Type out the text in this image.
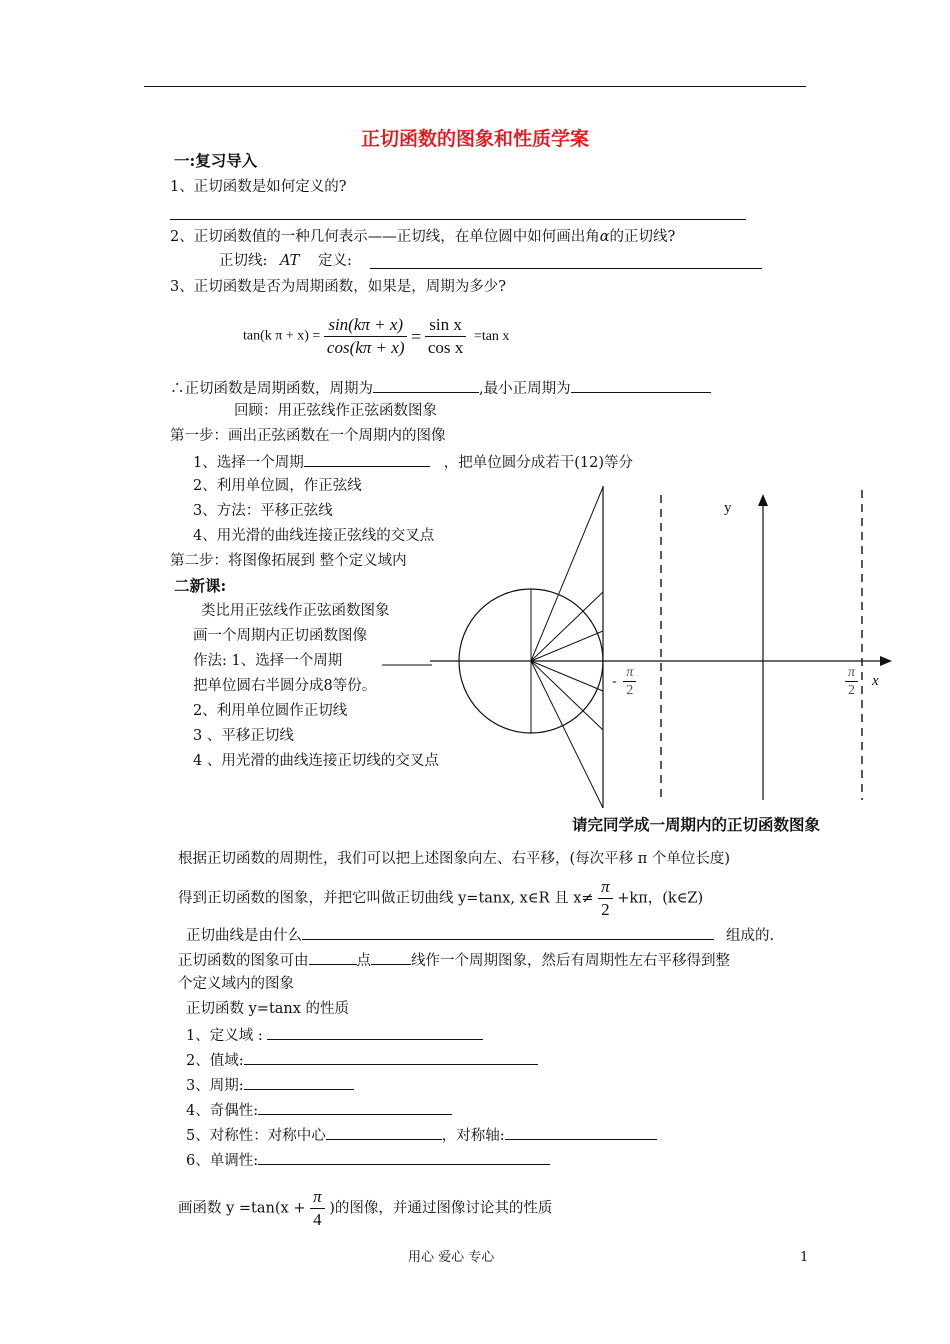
正切函数的图象和性质学案
一:复习导入
1、正切函数是如何定义的?
2、正切函数值的一种几何表示——正切线，在单位圆中如何画出角α的正切线?
正切线: AT 定义:
3、正切函数是否为周期函数，如果是，周期为多少?
tan(k $\pi + x) = \frac{\sin(k\pi + x)}{\cos(k\pi + x)} = \frac{\text{sin x}}{\text{cos x}} =\tan$ x
∴正切函数是周期函数，周期为	,最小正周期为
回顾：用正弦线作正弦函数图象
第一步：画出正弦函数在一个周期内的图像
1、选择一个周期	，把单位圆分成若干(12)等分
2、利用单位圆，作正弦线
3、方法：平移正弦线
4、用光滑的曲线连接正弦线的交叉点
第二步：将图像拓展到 整个定义域内
二新课:
类比用正弦线作正弦函数图象
画一个周期内正切函数图像
作法: 1、选择一个周期
把单位圆右半圆分成8等份。
2、利用单位圆作正切线
3 、平移正切线
4 、用光滑的曲线连接正切线的交叉点
y
x
- $\frac{\pi}{2}$	$\frac{\pi}{2}$
请完同学成一周期内的正切函数图象
根据正切函数的周期性，我们可以把上述图象向左、右平移，(每次平移 π 个单位长度)
得到正切函数的图象，并把它叫做正切曲线 y=tanx, x∈R 且 $x\ne \frac{\pi}{2} +k\pi$，(k∈Z)
正切曲线是由什么	组成的.
正切函数的图象可由	点	线作一个周期图象，然后有周期性左右平移得到整
个定义域内的图象
正切函数 y=tanx 的性质
1、定义域 :
2、值域:
3、周期:
4、奇偶性:
5、对称性：对称中心	，对称轴:
6、单调性:
画函数 $y =\tan(x + \frac{\pi}{4}$ )的图像，并通过图像讨论其的性质
用心 爱心 专心	1
